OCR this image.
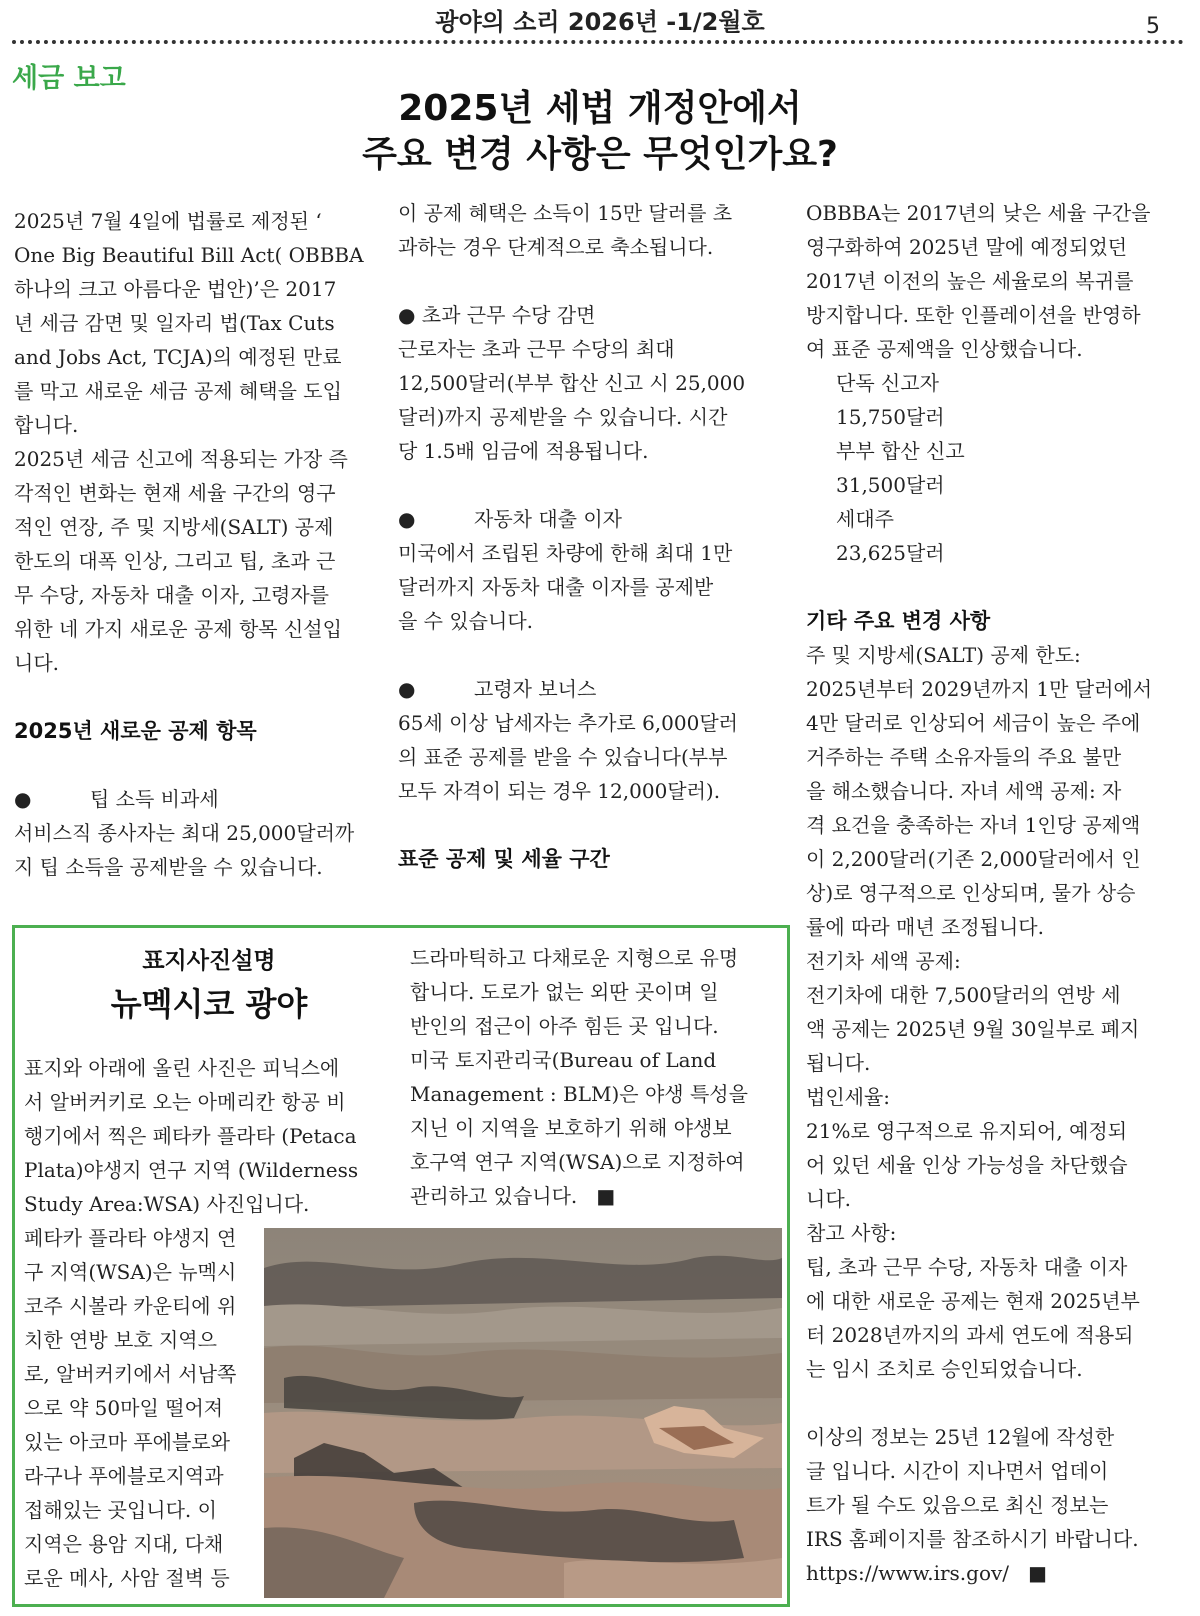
광야의 소리 2026년 -1/2월호	5
세금 보고
2025년 세법 개정안에서
주요 변경 사항은 무엇인가요?

2025년 7월 4일에 법률로 제정된 ‘

One Big Beautiful Bill Act( OBBBA

하나의 크고 아름다운 법안)’은 2017

년 세금 감면 및 일자리 법(Tax Cuts

and Jobs Act, TCJA)의 예정된 만료

를 막고 새로운 세금 공제 혜택을 도입

합니다.

2025년 세금 신고에 적용되는 가장 즉

각적인 변화는 현재 세율 구간의 영구

적인 연장, 주 및 지방세(SALT) 공제

한도의 대폭 인상, 그리고 팁, 초과 근

무 수당, 자동차 대출 이자, 고령자를

위한 네 가지 새로운 공제 항목 신설입

니다.

2025년 새로운 공제 항목

●	팁 소득 비과세

서비스직 종사자는 최대 25,000달러까

지 팁 소득을 공제받을 수 있습니다.

이 공제 혜택은 소득이 15만 달러를 초

과하는 경우 단계적으로 축소됩니다.

● 초과 근무 수당 감면

근로자는 초과 근무 수당의 최대

12,500달러(부부 합산 신고 시 25,000

달러)까지 공제받을 수 있습니다. 시간

당 1.5배 임금에 적용됩니다.

●	자동차 대출 이자

미국에서 조립된 차량에 한해 최대 1만

달러까지 자동차 대출 이자를 공제받

을 수 있습니다.

●	고령자 보너스

65세 이상 납세자는 추가로 6,000달러

의 표준 공제를 받을 수 있습니다(부부

모두 자격이 되는 경우 12,000달러).

표준 공제 및 세율 구간

OBBBA는 2017년의 낮은 세율 구간을

영구화하여 2025년 말에 예정되었던

2017년 이전의 높은 세율로의 복귀를

방지합니다. 또한 인플레이션을 반영하

여 표준 공제액을 인상했습니다.

단독 신고자

15,750달러

부부 합산 신고

31,500달러

세대주

23,625달러

기타 주요 변경 사항

주 및 지방세(SALT) 공제 한도:

2025년부터 2029년까지 1만 달러에서

4만 달러로 인상되어 세금이 높은 주에

거주하는 주택 소유자들의 주요 불만

을 해소했습니다. 자녀 세액 공제: 자

격 요건을 충족하는 자녀 1인당 공제액

이 2,200달러(기존 2,000달러에서 인

상)로 영구적으로 인상되며, 물가 상승

률에 따라 매년 조정됩니다.

전기차 세액 공제:

전기차에 대한 7,500달러의 연방 세

액 공제는 2025년 9월 30일부로 폐지

됩니다.

법인세율:

21%로 영구적으로 유지되어, 예정되

어 있던 세율 인상 가능성을 차단했습

니다.

참고 사항:

팁, 초과 근무 수당, 자동차 대출 이자

에 대한 새로운 공제는 현재 2025년부

터 2028년까지의 과세 연도에 적용되

는 임시 조치로 승인되었습니다.

이상의 정보는 25년 12월에 작성한

글 입니다. 시간이 지나면서 업데이

트가 될 수도 있음으로 최신 정보는

IRS 홈페이지를 참조하시기 바랍니다.

https://www.irs.gov/ ■

표지사진설명
뉴멕시코 광야

표지와 아래에 올린 사진은 피닉스에

서 알버커키로 오는 아메리칸 항공 비

행기에서 찍은 페타카 플라타 (Petaca

Plata)야생지 연구 지역 (Wilderness

Study Area:WSA) 사진입니다.

페타카 플라타 야생지 연

구 지역(WSA)은 뉴멕시

코주 시볼라 카운티에 위

치한 연방 보호 지역으

로, 알버커키에서 서남쪽

으로 약 50마일 떨어져

있는 아코마 푸에블로와

라구나 푸에블로지역과

접해있는 곳입니다. 이

지역은 용암 지대, 다채

로운 메사, 사암 절벽 등

드라마틱하고 다채로운 지형으로 유명

합니다. 도로가 없는 외딴 곳이며 일

반인의 접근이 아주 힘든 곳 입니다.

미국 토지관리국(Bureau of Land

Management : BLM)은 야생 특성을

지닌 이 지역을 보호하기 위해 야생보

호구역 연구 지역(WSA)으로 지정하여

관리하고 있습니다. ■
